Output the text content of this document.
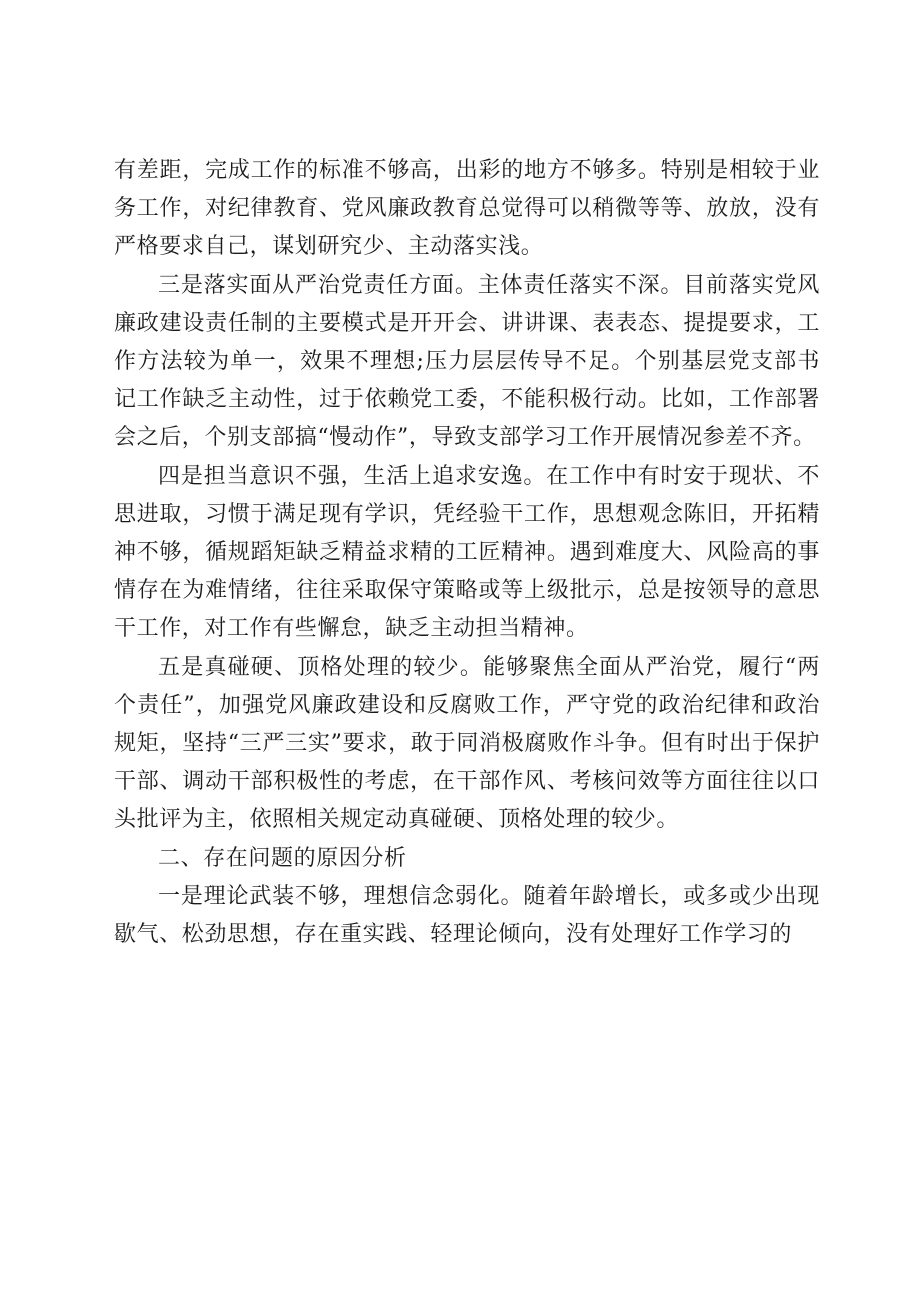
有差距，完成工作的标准不够高，出彩的地方不够多。特别是相较于业务工作，对纪律教育、党风廉政教育总觉得可以稍微等等、放放，没有严格要求自己，谋划研究少、主动落实浅。

三是落实面从严治党责任方面。主体责任落实不深。目前落实党风廉政建设责任制的主要模式是开开会、讲讲课、表表态、提提要求，工作方法较为单一，效果不理想;压力层层传导不足。个别基层党支部书记工作缺乏主动性，过于依赖党工委，不能积极行动。比如，工作部署会之后，个别支部搞“慢动作”，导致支部学习工作开展情况参差不齐。

四是担当意识不强，生活上追求安逸。在工作中有时安于现状、不思进取，习惯于满足现有学识，凭经验干工作，思想观念陈旧，开拓精神不够，循规蹈矩缺乏精益求精的工匠精神。遇到难度大、风险高的事情存在为难情绪，往往采取保守策略或等上级批示，总是按领导的意思干工作，对工作有些懈怠，缺乏主动担当精神。

五是真碰硬、顶格处理的较少。能够聚焦全面从严治党，履行“两个责任”，加强党风廉政建设和反腐败工作，严守党的政治纪律和政治规矩，坚持“三严三实”要求，敢于同消极腐败作斗争。但有时出于保护干部、调动干部积极性的考虑，在干部作风、考核问效等方面往往以口头批评为主，依照相关规定动真碰硬、顶格处理的较少。

二、存在问题的原因分析

一是理论武装不够，理想信念弱化。随着年龄增长，或多或少出现歇气、松劲思想，存在重实践、轻理论倾向，没有处理好工作学习的
